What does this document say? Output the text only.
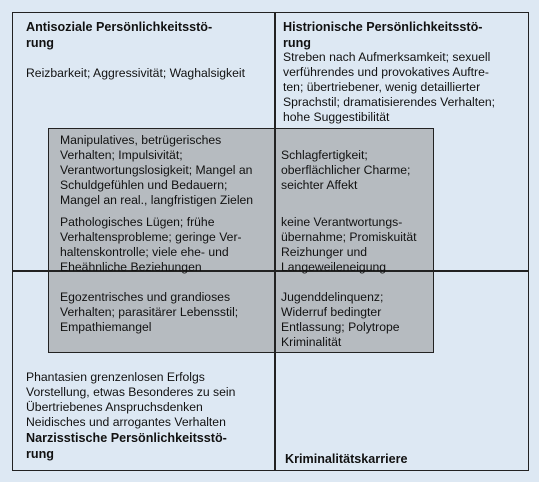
Antisoziale Persönlichkeitsstö-
rung
Histrionische Persönlichkeitsstö-
rung
Narzisstische Persönlichkeitsstö-
rung	Kriminalitätskarriere
Reizbarkeit; Aggressivität; Waghalsigkeit
Streben nach Aufmerksamkeit; sexuell
verführendes und provokatives Auftre-
ten; übertriebener, wenig detaillierter
Sprachstil; dramatisierendes Verhalten;
hohe Suggestibilität
Phantasien grenzenlosen Erfolgs
Vorstellung, etwas Besonderes zu sein
Übertriebenes Anspruchsdenken
Neidisches und arrogantes Verhalten
Manipulatives, betrügerisches
Verhalten; Impulsivität;
Verantwortungslosigkeit; Mangel an
Schuldgefühlen und Bedauern;
Mangel an real., langfristigen Zielen
Schlagfertigkeit;
oberflächlicher Charme;
seichter Affekt
Pathologisches Lügen; frühe
Verhaltensprobleme; geringe Ver-
haltenskontrolle; viele ehe- und
Eheähnliche Beziehungen
keine Verantwortungs-
übernahme; Promiskuität
Reizhunger und
Langeweileneigung
Egozentrisches und grandioses
Verhalten; parasitärer Lebensstil;
Empathiemangel
Jugenddelinquenz;
Widerruf bedingter
Entlassung; Polytrope
Kriminalität
